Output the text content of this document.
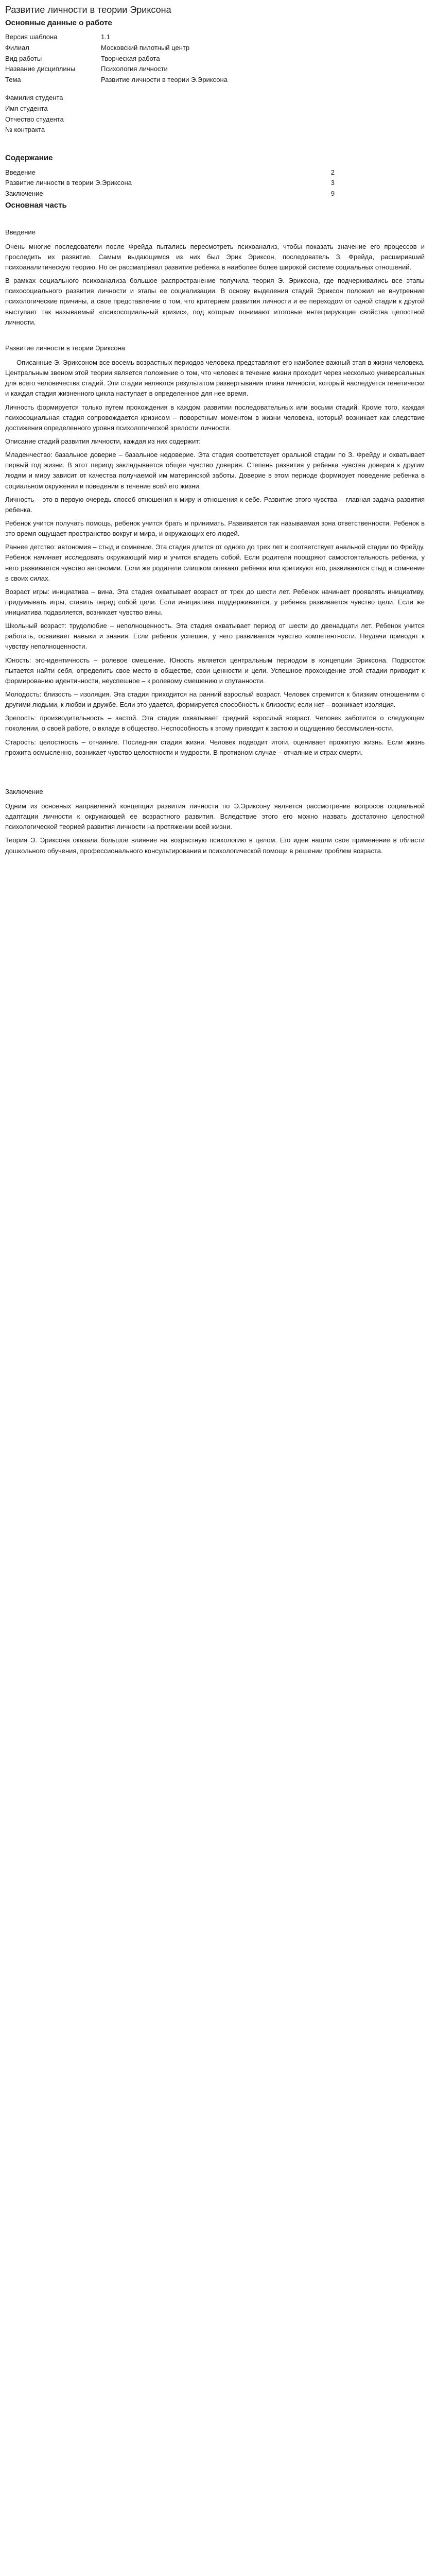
Развитие личности в теории Эриксона
Основные данные о работе
Версия шаблона	1.1
Филиал	Московский пилотный центр
Вид работы	Творческая работа
Название дисциплины	Психология личности
Тема	Развитие личности в теории Э.Эриксона

Фамилия студента	
Имя студента	
Отчество студента	
№ контракта	
Содержание
Введение	2
Развитие личности в теории Э.Эриксона	3
Заключение	9
Основная часть
Введение

Очень многие последователи после Фрейда пытались пересмотреть психоанализ, чтобы показать значение его процессов и проследить их развитие. Самым выдающимся из них был Эрик Эриксон, последователь З. Фрейда, расширивший психоаналитическую теорию. Но он рассматривал развитие ребенка в наиболее более широкой системе социальных отношений.

В рамках социального психоанализа большое распространение получила теория Э. Эриксона, где подчеркивались все этапы психосоциального развития личности и этапы ее социализации. В основу выделения стадий Эриксон положил не внутренние психологические причины, а свое представление о том, что критерием развития личности и ее переходом от одной стадии к другой выступает так называемый «психосоциальный кризис», под которым понимают итоговые интегрирующие свойства целостной личности.

Развитие личности в теории Эриксона

Описанные Э. Эриксоном все восемь возрастных периодов человека представляют его наиболее важный этап в жизни человека. Центральным звеном этой теории является положение о том, что человек в течение жизни проходит через несколько универсальных для всего человечества стадий. Эти стадии являются результатом развертывания плана личности, который наследуется генетически и каждая стадия жизненного цикла наступает в определенное для нее время.

Личность формируется только путем прохождения в каждом развитии последовательных или восьми стадий. Кроме того, каждая психосоциальная стадия сопровождается кризисом – поворотным моментом в жизни человека, который возникает как следствие достижения определенного уровня психологической зрелости личности.

Описание стадий развития личности, каждая из них содержит:

Младенчество: базальное доверие – базальное недоверие. Эта стадия соответствует оральной стадии по З. Фрейду и охватывает первый год жизни. В этот период закладывается общее чувство доверия. Степень развития у ребенка чувства доверия к другим людям и миру зависит от качества получаемой им материнской заботы. Доверие в этом периоде формирует поведение ребенка в социальном окружении и поведении в течение всей его жизни.

Личность – это в первую очередь способ отношения к миру и отношения к себе. Развитие этого чувства – главная задача развития ребенка.

Ребенок учится получать помощь, ребенок учится брать и принимать. Развивается так называемая зона ответственности. Ребенок в это время ощущает пространство вокруг и мира, и окружающих его людей.

Раннее детство: автономия – стыд и сомнение. Эта стадия длится от одного до трех лет и соответствует анальной стадии по Фрейду. Ребенок начинает исследовать окружающий мир и учится владеть собой. Если родители поощряют самостоятельность ребенка, у него развивается чувство автономии. Если же родители слишком опекают ребенка или критикуют его, развиваются стыд и сомнение в своих силах.

Возраст игры: инициатива – вина. Эта стадия охватывает возраст от трех до шести лет. Ребенок начинает проявлять инициативу, придумывать игры, ставить перед собой цели. Если инициатива поддерживается, у ребенка развивается чувство цели. Если же инициатива подавляется, возникает чувство вины.

Школьный возраст: трудолюбие – неполноценность. Эта стадия охватывает период от шести до двенадцати лет. Ребенок учится работать, осваивает навыки и знания. Если ребенок успешен, у него развивается чувство компетентности. Неудачи приводят к чувству неполноценности.

Юность: эго-идентичность – ролевое смешение. Юность является центральным периодом в концепции Эриксона. Подросток пытается найти себя, определить свое место в обществе, свои ценности и цели. Успешное прохождение этой стадии приводит к формированию идентичности, неуспешное – к ролевому смешению и спутанности.

Молодость: близость – изоляция. Эта стадия приходится на ранний взрослый возраст. Человек стремится к близким отношениям с другими людьми, к любви и дружбе. Если это удается, формируется способность к близости; если нет – возникает изоляция.

Зрелость: производительность – застой. Эта стадия охватывает средний взрослый возраст. Человек заботится о следующем поколении, о своей работе, о вкладе в общество. Неспособность к этому приводит к застою и ощущению бессмысленности.

Старость: целостность – отчаяние. Последняя стадия жизни. Человек подводит итоги, оценивает прожитую жизнь. Если жизнь прожита осмысленно, возникает чувство целостности и мудрости. В противном случае – отчаяние и страх смерти.

Заключение

Одним из основных направлений концепции развития личности по Э.Эриксону является рассмотрение вопросов социальной адаптации личности к окружающей ее возрастного развития. Вследствие этого его можно назвать достаточно целостной психологической теорией развития личности на протяжении всей жизни.

Теория Э. Эриксона оказала большое влияние на возрастную психологию в целом. Его идеи нашли свое применение в области дошкольного обучения, профессионального консультирования и психологической помощи в решении проблем возраста.
